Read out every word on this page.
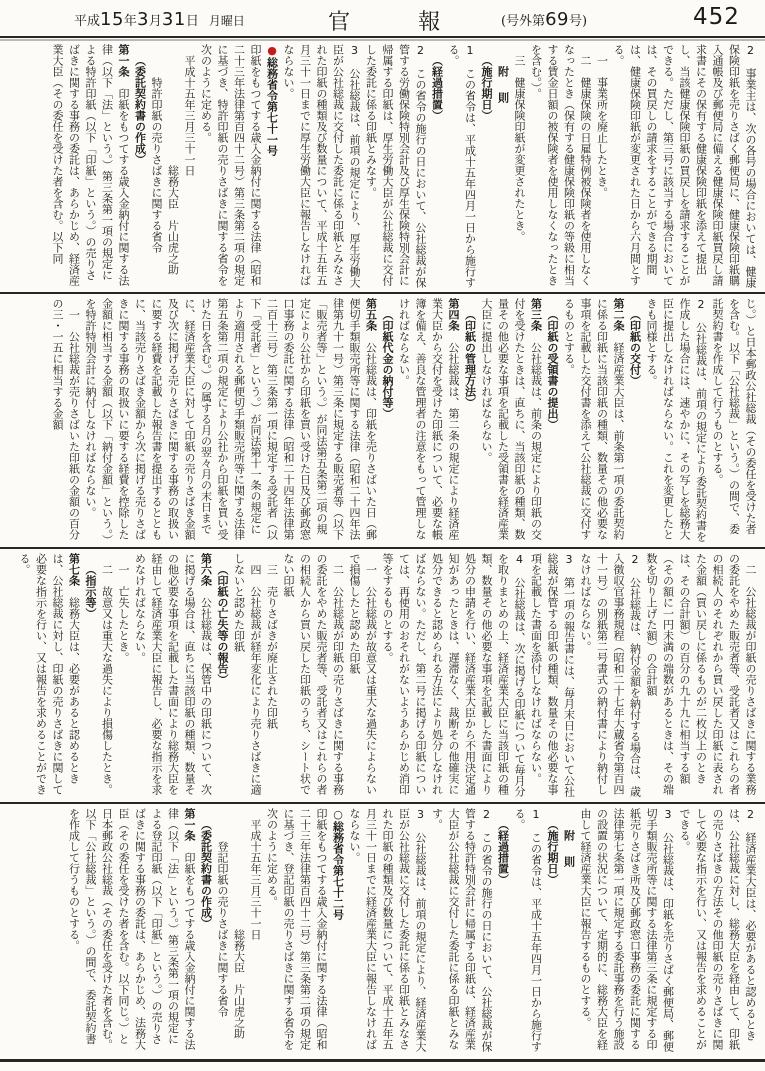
平成15年3月31日 月曜日	官	報	(号外第69号)	452

2　事業主は、次の各号の場合においては、健康保険印紙を売りさばく郵便局に、健康保険印紙購入通帳及び郵便局に備える健康保険印紙買戻し請求書にその保有する健康保険印紙を添えて提出し、当該健康保険印紙の買戻しを請求することができる。ただし、第三号に該当する場合においては、その買戻しの請求をすることができる期間は、健康保険印紙が変更された日から六月間とする。

一　事業所を廃止したとき。

二　健康保険の日雇特例被保険者を使用しなくなったとき（保有する健康保険印紙の等級に相当する賃金日額の被保険者を使用しなくなったときを含む。）。

三　健康保険印紙が変更されたとき。

附　則

（施行期日）

1　この省令は、平成十五年四月一日から施行する。

（経過措置）

2　この省令の施行の日において、公社総裁が保管する労働保険特別会計及び厚生保険特別会計に帰属する印紙は、厚生労働大臣が公社総裁に交付した委託に係る印紙とみなす。

3　公社総裁は、前項の規定により、厚生労働大臣が公社総裁に交付した委託に係る印紙とみなされた印紙の種類及び数量について、平成十五年五月三十一日までに厚生労働大臣に報告しなければならない。

●総務省令第七十一号

印紙をもつてする歳入金納付に関する法律（昭和二十三年法律第百四十二号）第三条第二項の規定に基づき、特許印紙の売りさばきに関する省令を次のように定める。

平成十五年三月三十一日

総務大臣　片山虎之助

特許印紙の売りさばきに関する省令

（委託契約書の作成）

第一条　印紙をもつてする歳入金納付に関する法律（以下「法」という。）第三条第一項の規定による特許印紙（以下「印紙」という。）の売りさばきに関する事務の委託は、あらかじめ、経済産業大臣（その委任を受けた者を含む。以下同

じ。）と日本郵政公社総裁（その委任を受けた者を含む。以下「公社総裁」という。）の間で、委託契約書を作成して行うものとする。

2　公社総裁は、前項の規定により委託契約書を作成した場合には、速やかに、その写しを総務大臣に提出しなければならない。これを変更したときも同様とする。

（印紙の交付）

第二条　経済産業大臣は、前条第一項の委託契約に係る印紙に当該印紙の種類、数量その他必要な事項を記載した交付書を添えて公社総裁に交付するものとする。

（印紙の受領書の提出）

第三条　公社総裁は、前条の規定により印紙の交付を受けたときは、直ちに、当該印紙の種類、数量その他必要な事項を記載した受領書を経済産業大臣に提出しなければならない。

（印紙の管理方法）

第四条　公社総裁は、第二条の規定により経済産業大臣から交付を受けた印紙について、必要な帳簿を備え、善良な管理者の注意をもって管理しなければならない。

（印紙代金の納付等）

第五条　公社総裁は、印紙を売りさばいた日（郵便切手類販売所等に関する法律（昭和二十四年法律第九十一号）第三条に規定する販売者等（以下「販売者等」という。）が同法第五条第二項の規定により公社から印紙を買い受けた日及び郵政窓口事務の委託に関する法律（昭和二十四年法律第二百十三号）第三条第一項に規定する受託者（以下「受託者」という。）が同法第十一条の規定により適用される郵便切手類販売所等に関する法律第五条第二項の規定により公社から印紙を買い受けた日を含む。）の属する月の翌々月の末日までに、経済産業大臣に対して印紙の売りさばき金額及び次に掲げる売りさばきに関する事務の取扱いに要する経費を記載した報告書を提出するとともに、当該売りさばき金額から次に掲げる売りさばきに関する事務の取扱いに要する経費を控除した金額に相当する金額（以下「納付金額」という。）を特許特別会計に納付しなければならない。

一　公社総裁が売りさばいた印紙の金額の百分の三・一五に相当する金額

二　公社総裁が印紙の売りさばきに関する業務の委託をやめた販売者等、受託者又はこれらの者の相続人のそれぞれから買い戻した印紙に表された金額（買い戻しに係るものが二枚以上のときは、その合計額）の百分の九十九に相当する額（その額に一円未満の端数があるときは、その端数を切り上げた額）の合計額

2　公社総裁は、納付金額を納付する場合は、歳入徴収官事務規程（昭和二十七年大蔵省令第百四十一号）の別紙第二号書式の納付書により納付しなければならない。

3　第一項の報告書には、毎月末日において公社総裁が保管する印紙の種類、数量その他必要な事項を記載した書面を添付しなければならない。

4　公社総裁は、次に掲げる印紙について毎月分を取りまとめの上、経済産業大臣に当該印紙の種類、数量その他必要な事項を記載した書面により処分の申請を行い、経済産業大臣から不用決定通知があったときは、遅滞なく、裁断その他確実に処分できると認められる方法により処分しなければならない。ただし、第二号に掲げる印紙については、再使用のおそれがないようあらかじめ消印等をするものとする。

一　公社総裁が故意又は重大な過失によらないで損傷したと認めた印紙

二　公社総裁が印紙の売りさばきに関する事務の委託をやめた販売者等、受託者又はこれらの者の相続人から買い戻した印紙のうち、シート状でない印紙

三　売りさばきが廃止された印紙

四　公社総裁が経年変化により売りさばきに適しないと認めた印紙

（印紙の亡失等の報告）

第六条　公社総裁は、保管中の印紙について、次に掲げる場合は、直ちに当該印紙の種類、数量その他必要な事項を記載した書面により総務大臣を経由して経済産業大臣に報告し、必要な指示を求めなければならない。

一　亡失したとき。

二　故意又は重大な過失により損傷したとき。

（指示等）

第七条　総務大臣は、必要があると認めるときは、公社総裁に対し、印紙の売りさばきに関して必要な指示を行い、又は報告を求めることができる。

2　経済産業大臣は、必要があると認めるときは、公社総裁に対し、総務大臣を経由して、印紙の売りさばきの方法その他印紙の売りさばきに関して必要な指示を行い、又は報告を求めることができる。

3　公社総裁は、印紙を売りさばく郵便局、郵便切手類販売所等に関する法律第三条に規定する印紙売りさばき所及び郵政窓口事務の委託に関する法律第七条第一項に規定する委託事務を行う施設の設置の状況について、定期的に、総務大臣を経由して経済産業大臣に報告するものとする。

附　則

（施行期日）

1　この省令は、平成十五年四月一日から施行する。

（経過措置）

2　この省令の施行の日において、公社総裁が保管する特許特別会計に帰属する印紙は、経済産業大臣が公社総裁に交付した委託に係る印紙とみなす。

3　公社総裁は、前項の規定により、経済産業大臣が公社総裁に交付した委託に係る印紙とみなされた印紙の種類及び数量について、平成十五年五月三十一日までに経済産業大臣に報告しなければならない。

○総務省令第七十二号

印紙をもつてする歳入金納付に関する法律（昭和二十三年法律第百四十二号）第三条第二項の規定に基づき、登記印紙の売りさばきに関する省令を次のように定める。

平成十五年三月三十一日

総務大臣　片山虎之助

登記印紙の売りさばきに関する省令

（委託契約書の作成）

第一条　印紙をもつてする歳入金納付に関する法律（以下「法」という。）第三条第一項の規定による登記印紙（以下「印紙」という。）の売りさばきに関する事務の委託は、あらかじめ、法務大臣（その委任を受けた者を含む。以下同じ。）と日本郵政公社総裁（その委任を受けた者を含む。以下「公社総裁」という。）の間で、委託契約書を作成して行うものとする。
